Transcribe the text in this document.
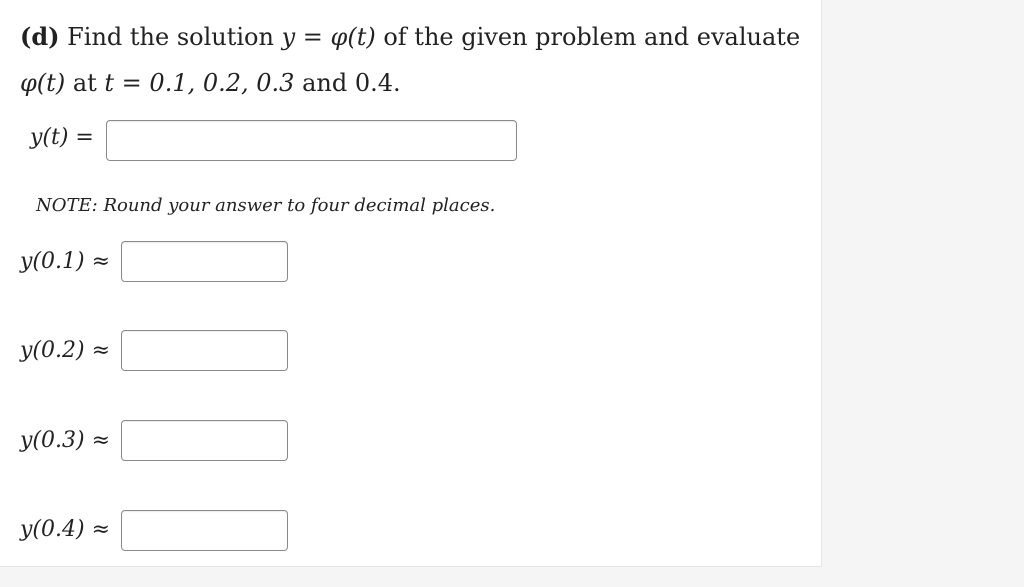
(d) Find the solution y = φ(t) of the given problem and evaluate
φ(t) at t = 0.1, 0.2, 0.3 and 0.4.
y(t) =
NOTE: Round your answer to four decimal places.
y(0.1) ≈
y(0.2) ≈
y(0.3) ≈
y(0.4) ≈
